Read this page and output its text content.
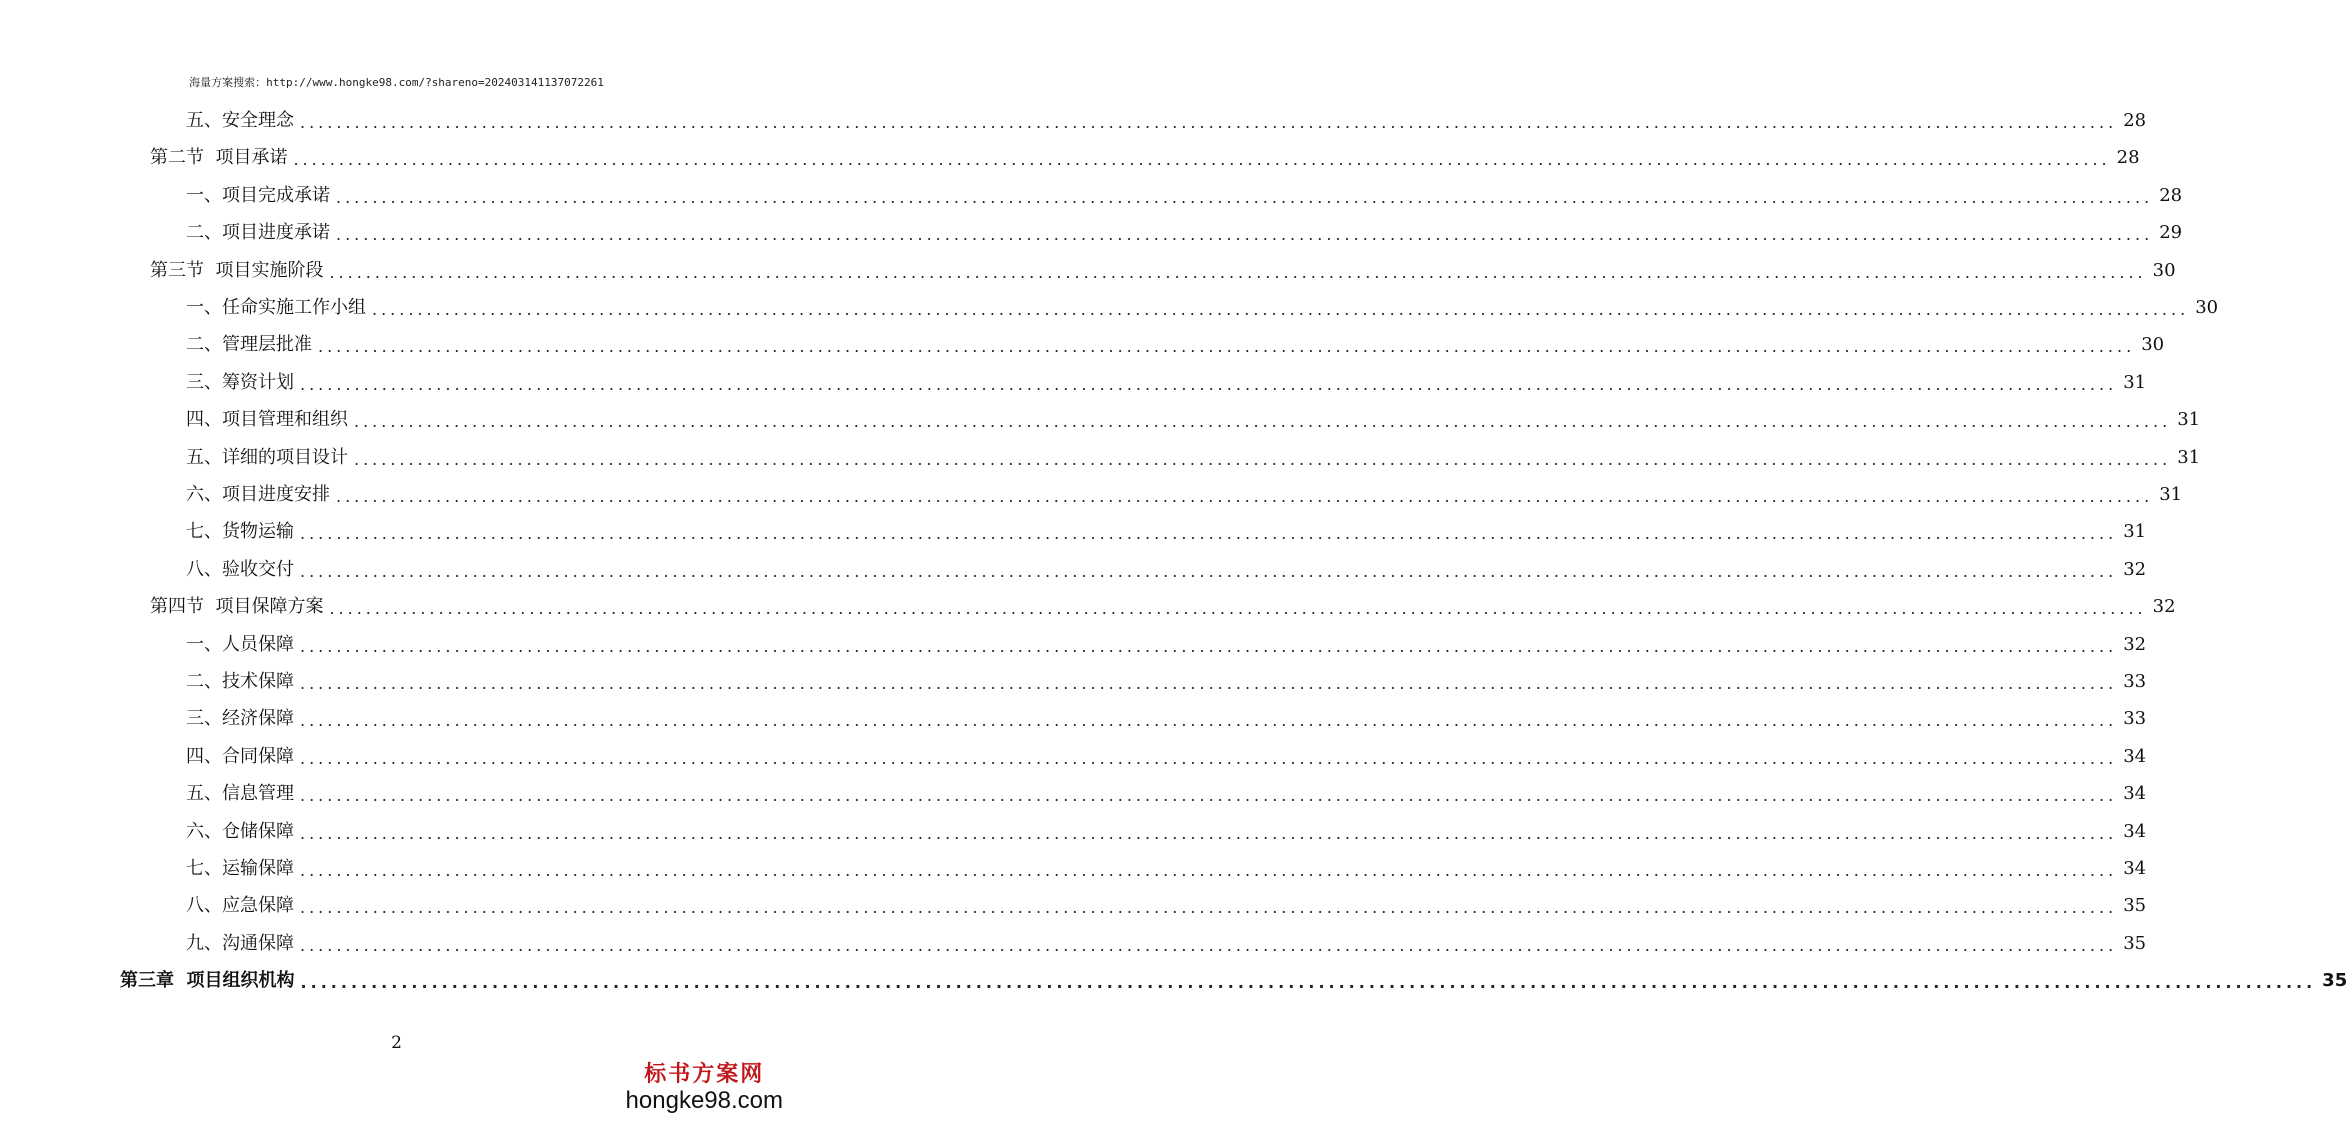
海量方案搜索：http://www.hongke98.com/?shareno=202403141137072261
五、安全理念 ........................................................................................................................................................................................................ 28
第二节  项目承诺 ........................................................................................................................................................................................................ 28
一、项目完成承诺 ........................................................................................................................................................................................................ 28
二、项目进度承诺 ........................................................................................................................................................................................................ 29
第三节  项目实施阶段 ........................................................................................................................................................................................................ 30
一、任命实施工作小组 ........................................................................................................................................................................................................ 30
二、管理层批准 ........................................................................................................................................................................................................ 30
三、筹资计划 ........................................................................................................................................................................................................ 31
四、项目管理和组织 ........................................................................................................................................................................................................ 31
五、详细的项目设计 ........................................................................................................................................................................................................ 31
六、项目进度安排 ........................................................................................................................................................................................................ 31
七、货物运输 ........................................................................................................................................................................................................ 31
八、验收交付 ........................................................................................................................................................................................................ 32
第四节  项目保障方案 ........................................................................................................................................................................................................ 32
一、人员保障 ........................................................................................................................................................................................................ 32
二、技术保障 ........................................................................................................................................................................................................ 33
三、经济保障 ........................................................................................................................................................................................................ 33
四、合同保障 ........................................................................................................................................................................................................ 34
五、信息管理 ........................................................................................................................................................................................................ 34
六、仓储保障 ........................................................................................................................................................................................................ 34
七、运输保障 ........................................................................................................................................................................................................ 34
八、应急保障 ........................................................................................................................................................................................................ 35
九、沟通保障 ........................................................................................................................................................................................................ 35
第三章  项目组织机构 ........................................................................................................................................................................................................ 35
2
标书方案网
hongke98.com
